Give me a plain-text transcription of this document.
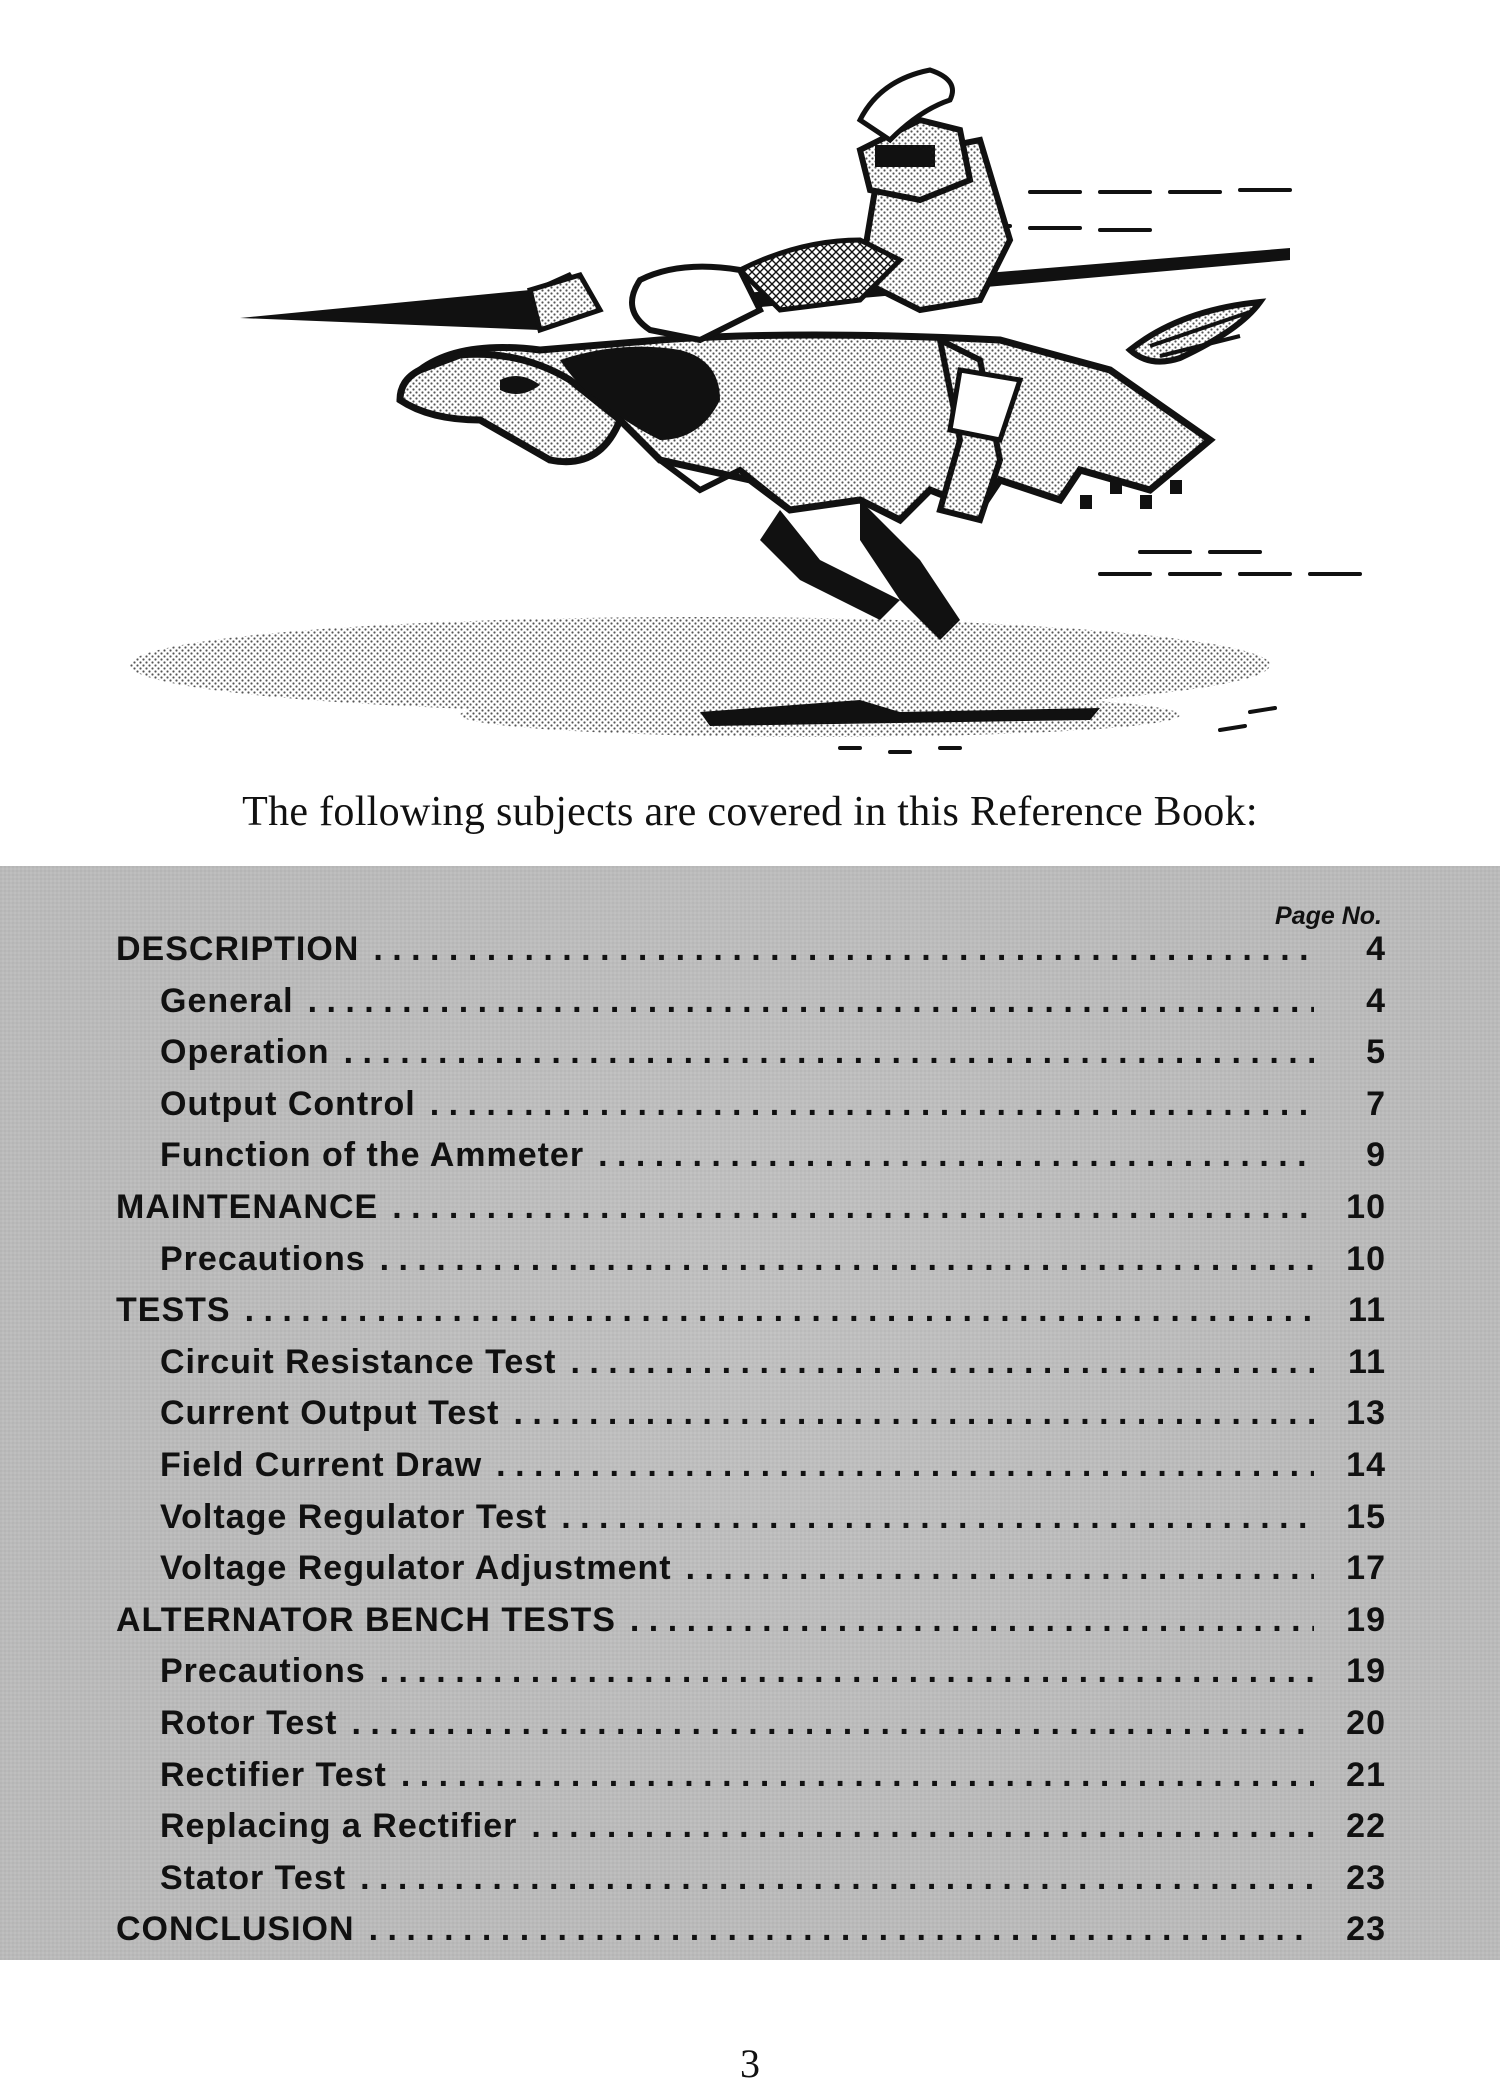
The following subjects are covered in this Reference Book:
Page No.
DESCRIPTION . . .	4
General . . .	4
Operation . . .	5
Output Control . . .	7
Function of the Ammeter . . .	9
MAINTENANCE . . .	10
Precautions . . .	10
TESTS . . .	11
Circuit Resistance Test . . .	11
Current Output Test . . .	13
Field Current Draw . . .	14
Voltage Regulator Test . . .	15
Voltage Regulator Adjustment . . .	17
ALTERNATOR BENCH TESTS . . .	19
Precautions . . .	19
Rotor Test . . .	20
Rectifier Test . . .	21
Replacing a Rectifier . . .	22
Stator Test . . .	23
CONCLUSION . . .	23
3
